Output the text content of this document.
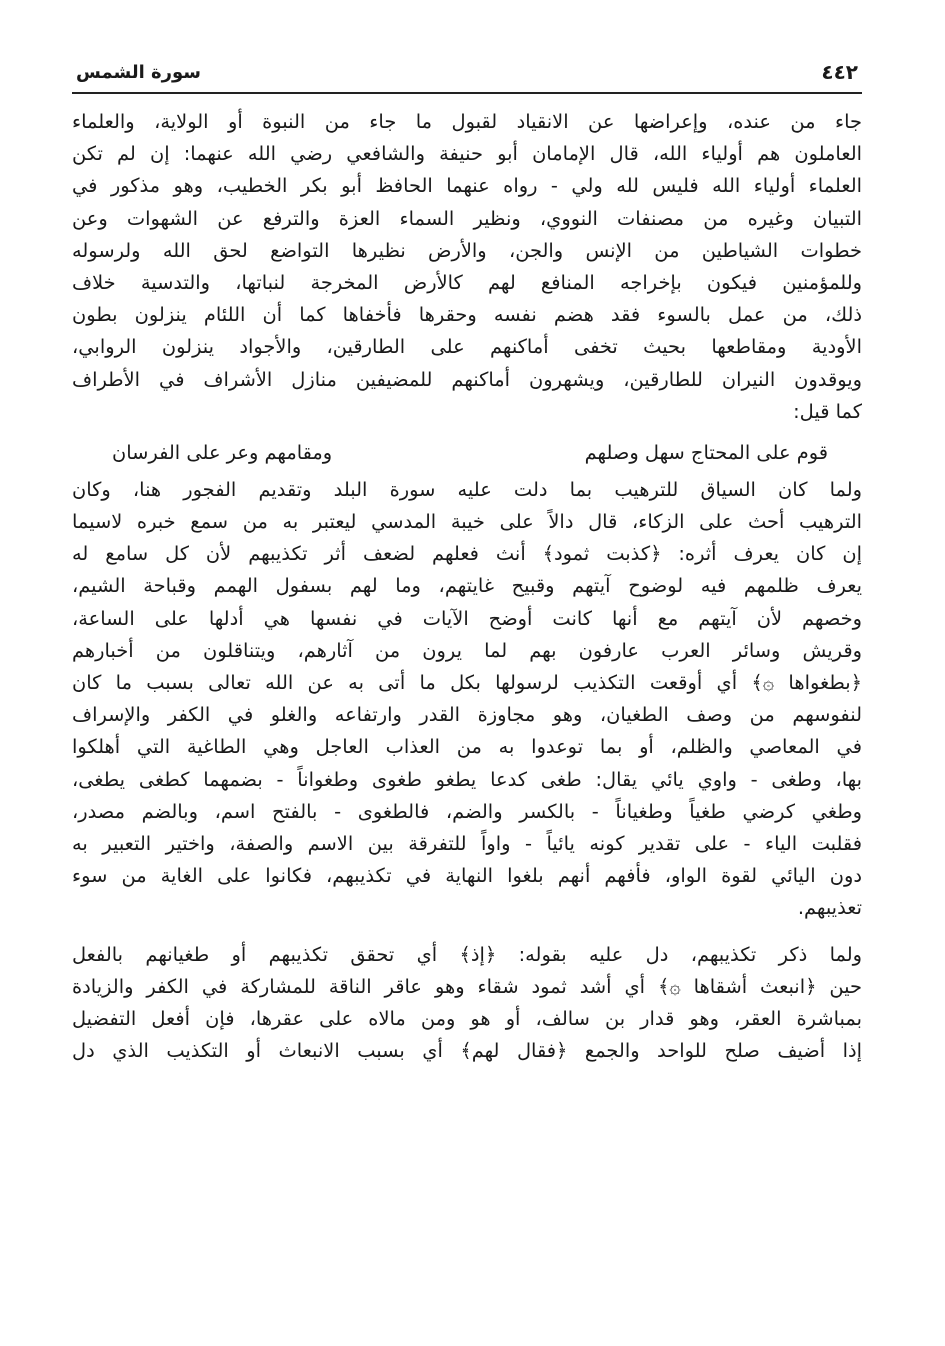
٤٤٢
سورة الشمس
جاء من عنده، وإعراضها عن الانقياد لقبول ما جاء من النبوة أو الولاية، والعلماء
العاملون هم أولياء الله، قال الإمامان أبو حنيفة والشافعي رضي الله عنهما: إن لم تكن
العلماء أولياء الله فليس لله ولي - رواه عنهما الحافظ أبو بكر الخطيب، وهو مذكور في
التبيان وغيره من مصنفات النووي، ونظير السماء العزة والترفع عن الشهوات وعن
خطوات الشياطين من الإنس والجن، والأرض نظيرها التواضع لحق الله ولرسوله
وللمؤمنين فيكون بإخراجه المنافع لهم كالأرض المخرجة لنباتها، والتدسية خلاف
ذلك، من عمل بالسوء فقد هضم نفسه وحقرها فأخفاها كما أن اللئام ينزلون بطون
الأودية ومقاطعها بحيث تخفى أماكنهم على الطارقين، والأجواد ينزلون الروابي،
ويوقدون النيران للطارقين، ويشهرون أماكنهم للمضيفين منازل الأشراف في الأطراف
كما قيل:
قوم على المحتاج سهل وصلهم
ومقامهم وعر على الفرسان
ولما كان السياق للترهيب بما دلت عليه سورة البلد وتقديم الفجور هنا، وكان
الترهيب أحث على الزكاء، قال دالاً على خيبة المدسي ليعتبر به من سمع خبره لاسيما
إن كان يعرف أثره: ﴿كذبت ثمود﴾ أنث فعلهم لضعف أثر تكذيبهم لأن كل سامع له
يعرف ظلمهم فيه لوضوح آيتهم وقبيح غايتهم، وما لهم بسفول الهمم وقباحة الشيم،
وخصهم لأن آيتهم مع أنها كانت أوضح الآيات في نفسها هي أدلها على الساعة،
وقريش وسائر العرب عارفون بهم لما يرون من آثارهم، ويتناقلون من أخبارهم
﴿بطغواها ۞﴾ أي أوقعت التكذيب لرسولها بكل ما أتى به عن الله تعالى بسبب ما كان
لنفوسهم من وصف الطغيان، وهو مجاوزة القدر وارتفاعه والغلو في الكفر والإسراف
في المعاصي والظلم، أو بما توعدوا به من العذاب العاجل وهي الطاغية التي أهلكوا
بها، وطغى - واوي يائي يقال: طغى كدعا يطغو طغوى وطغواناً - بضمهما كطغى يطغى،
وطغي كرضي طغياً وطغياناً - بالكسر والضم، فالطغوى - بالفتح اسم، وبالضم مصدر،
فقلبت الياء - على تقدير كونه يائياً - واواً للتفرقة بين الاسم والصفة، واختير التعبير به
دون اليائي لقوة الواو، فأفهم أنهم بلغوا النهاية في تكذيبهم، فكانوا على الغاية من سوء
تعذيبهم.
ولما ذكر تكذيبهم، دل عليه بقوله: ﴿إذ﴾ أي تحقق تكذيبهم أو طغيانهم بالفعل
حين ﴿انبعث أشقاها ۞﴾ أي أشد ثمود شقاء وهو عاقر الناقة للمشاركة في الكفر والزيادة
بمباشرة العقر، وهو قدار بن سالف، أو هو ومن مالاه على عقرها، فإن أفعل التفضيل
إذا أضيف صلح للواحد والجمع ﴿فقال لهم﴾ أي بسبب الانبعاث أو التكذيب الذي دل
